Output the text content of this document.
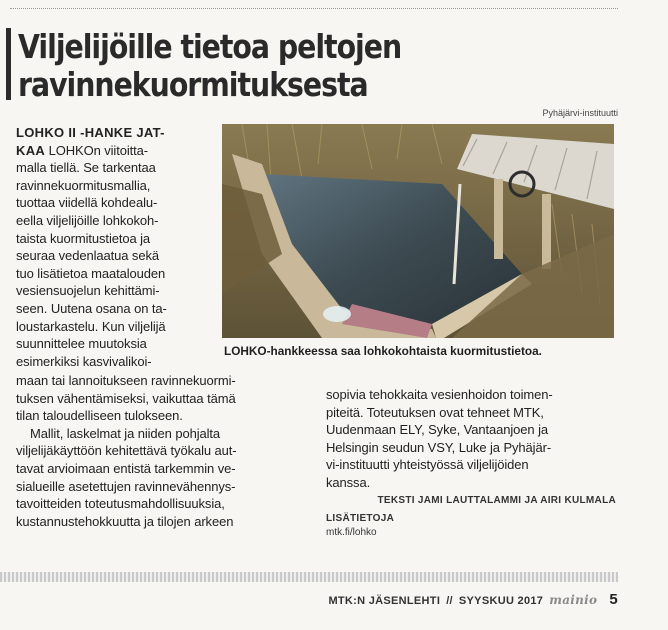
Viljelijöille tietoa peltojen
ravinnekuormituksesta
Pyhäjärvi-instituutti
LOHKO-hankkeessa saa lohkokohtaista kuormitustietoa.

LOHKO II -HANKE JAT-
KAA LOHKOn viitoitta-
malla tiellä. Se tarkentaa
ravinnekuormitusmallia,
tuottaa viidellä kohdealu-
eella viljelijöille lohkokoh-
taista kuormitustietoa ja
seuraa vedenlaatua sekä
tuo lisätietoa maatalouden
vesiensuojelun kehittämi-
seen. Uutena osana on ta-
loustarkastelu. Kun viljelijä
suunnittelee muutoksia
esimerkiksi kasvivalikoi-

maan tai lannoitukseen ravinnekuormi-
tuksen vähentämiseksi, vaikuttaa tämä
tilan taloudelliseen tulokseen.

Mallit, laskelmat ja niiden pohjalta
viljelijäkäyttöön kehitettävä työkalu aut-
tavat arvioimaan entistä tarkemmin ve-
sialueille asetettujen ravinnevähennys-
tavoitteiden toteutusmahdollisuuksia,
kustannustehokkuutta ja tilojen arkeen

sopivia tehokkaita vesienhoidon toimen-
piteitä. Toteutuksen ovat tehneet MTK,
Uudenmaan ELY, Syke, Vantaanjoen ja
Helsingin seudun VSY, Luke ja Pyhäjär-
vi-instituutti yhteistyössä viljelijöiden
kanssa.

TEKSTI JAMI LAUTTALAMMI JA AIRI KULMALA
LISÄTIETOJA
mtk.fi/lohko
MTK:N JÄSENLEHTI // SYYSKUU 2017 mainio 5
